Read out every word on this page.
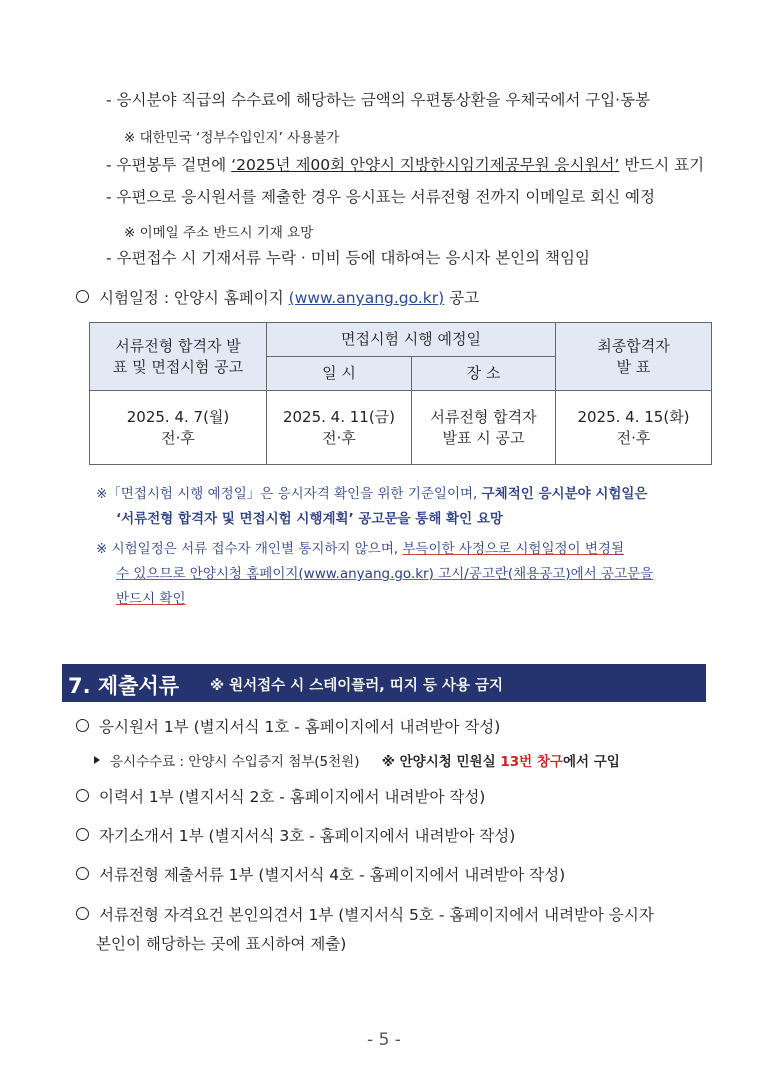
- 응시분야 직급의 수수료에 해당하는 금액의 우편통상환을 우체국에서 구입·동봉
※ 대한민국 ‘정부수입인지’ 사용불가
- 우편봉투 겉면에 ‘2025년 제00회 안양시 지방한시임기제공무원 응시원서’ 반드시 표기
- 우편으로 응시원서를 제출한 경우 응시표는 서류전형 전까지 이메일로 회신 예정
※ 이메일 주소 반드시 기재 요망
- 우편접수 시 기재서류 누락 · 미비 등에 대하여는 응시자 본인의 책임임
시험일정 : 안양시 홈페이지 (www.anyang.go.kr) 공고
서류전형 합격자 발표 및 면접시험 공고	면접시험 시행 예정일		최종합격자 발 표
	일 시	장 소	
2025. 4. 7(월) 전·후	2025. 4. 11(금) 전·후	서류전형 합격자 발표 시 공고	2025. 4. 15(화) 전·후
※「면접시험 시행 예정일」은 응시자격 확인을 위한 기준일이며, 구체적인 응시분야 시험일은
‘서류전형 합격자 및 면접시험 시행계획’ 공고문을 통해 확인 요망
※ 시험일정은 서류 접수자 개인별 통지하지 않으며, 부득이한 사정으로 시험일정이 변경될
수 있으므로 안양시청 홈페이지(www.anyang.go.kr) 고시/공고란(채용공고)에서 공고문을
반드시 확인
7. 제출서류 ※ 원서접수 시 스테이플러, 띠지 등 사용 금지
응시원서 1부 (별지서식 1호 - 홈페이지에서 내려받아 작성)
응시수수료 : 안양시 수입증지 첨부(5천원) ※ 안양시청 민원실 13번 창구에서 구입
이력서 1부 (별지서식 2호 - 홈페이지에서 내려받아 작성)
자기소개서 1부 (별지서식 3호 - 홈페이지에서 내려받아 작성)
서류전형 제출서류 1부 (별지서식 4호 - 홈페이지에서 내려받아 작성)
서류전형 자격요건 본인의견서 1부 (별지서식 5호 - 홈페이지에서 내려받아 응시자
본인이 해당하는 곳에 표시하여 제출)
- 5 -
